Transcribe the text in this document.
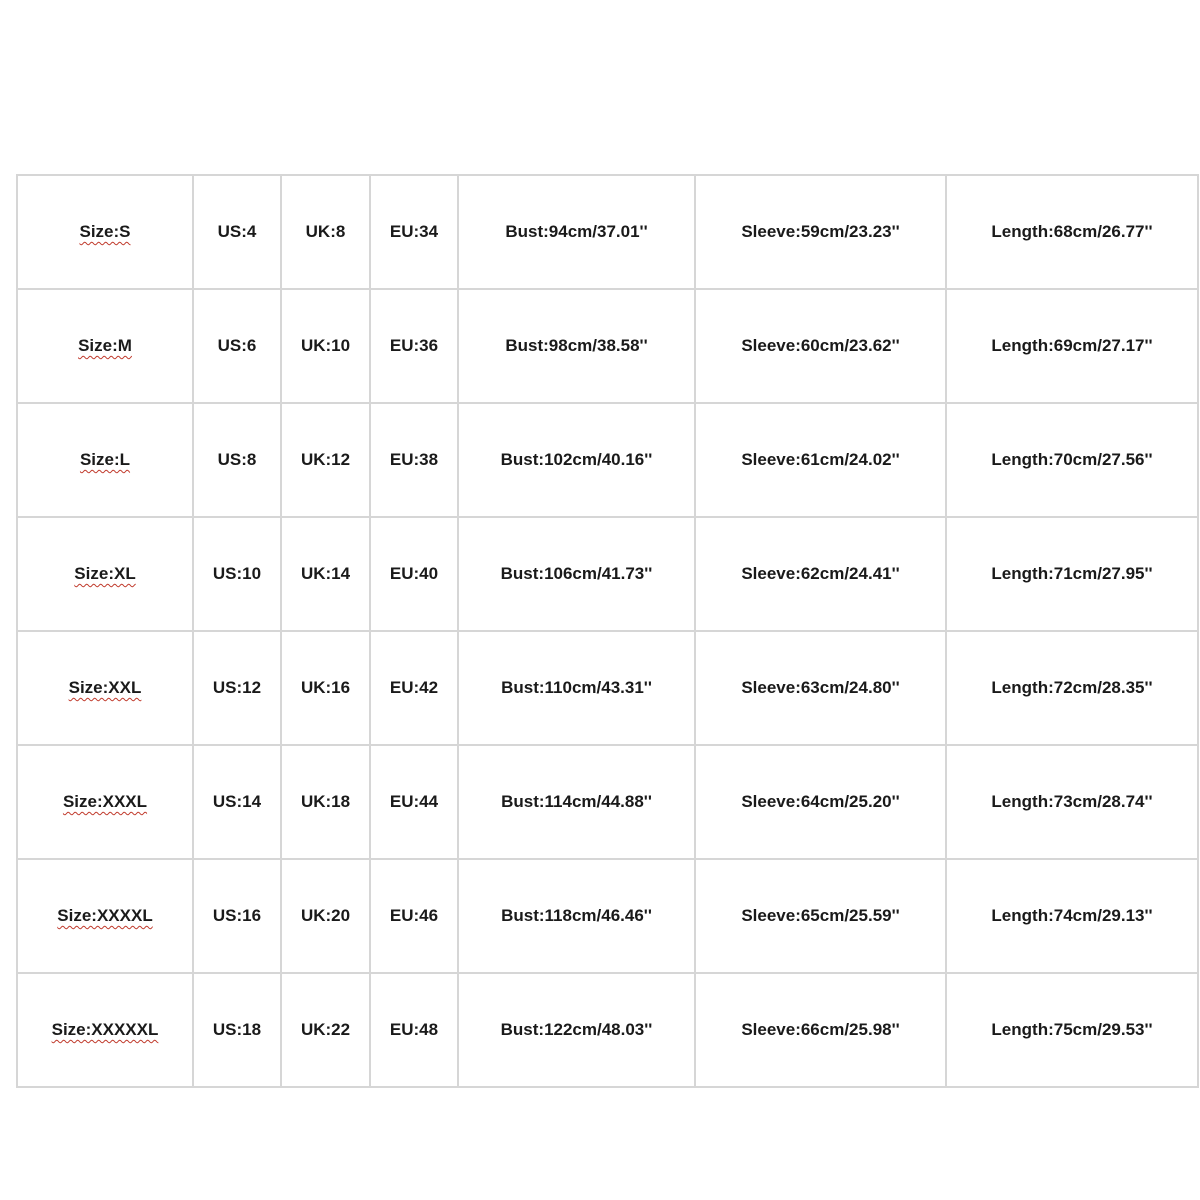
Size:S	US:4	UK:8	EU:34	Bust:94cm/37.01''	Sleeve:59cm/23.23''	Length:68cm/26.77''
Size:M	US:6	UK:10	EU:36	Bust:98cm/38.58''	Sleeve:60cm/23.62''	Length:69cm/27.17''
Size:L	US:8	UK:12	EU:38	Bust:102cm/40.16''	Sleeve:61cm/24.02''	Length:70cm/27.56''
Size:XL	US:10	UK:14	EU:40	Bust:106cm/41.73''	Sleeve:62cm/24.41''	Length:71cm/27.95''
Size:XXL	US:12	UK:16	EU:42	Bust:110cm/43.31''	Sleeve:63cm/24.80''	Length:72cm/28.35''
Size:XXXL	US:14	UK:18	EU:44	Bust:114cm/44.88''	Sleeve:64cm/25.20''	Length:73cm/28.74''
Size:XXXXL	US:16	UK:20	EU:46	Bust:118cm/46.46''	Sleeve:65cm/25.59''	Length:74cm/29.13''
Size:XXXXXL	US:18	UK:22	EU:48	Bust:122cm/48.03''	Sleeve:66cm/25.98''	Length:75cm/29.53''
